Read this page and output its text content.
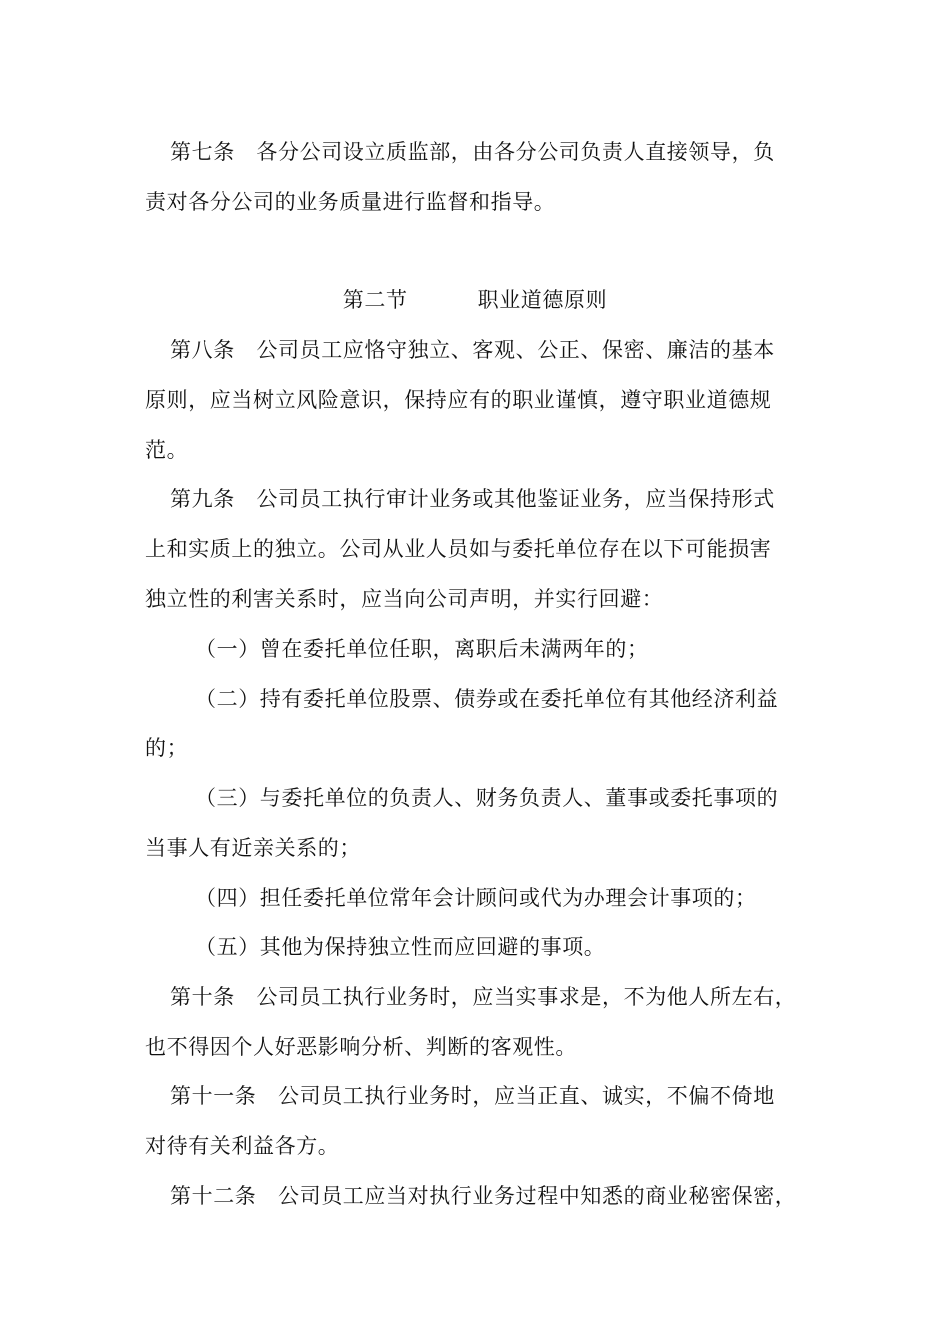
第七条　各分公司设立质监部，由各分公司负责人直接领导，负
责对各分公司的业务质量进行监督和指导。
第二节	职业道德原则
第八条　公司员工应恪守独立、客观、公正、保密、廉洁的基本
原则，应当树立风险意识，保持应有的职业谨慎，遵守职业道德规
范。
第九条　公司员工执行审计业务或其他鉴证业务，应当保持形式
上和实质上的独立。公司从业人员如与委托单位存在以下可能损害
独立性的利害关系时，应当向公司声明，并实行回避：
（一）曾在委托单位任职，离职后未满两年的；
（二）持有委托单位股票、债券或在委托单位有其他经济利益
的；
（三）与委托单位的负责人、财务负责人、董事或委托事项的
当事人有近亲关系的；
（四）担任委托单位常年会计顾问或代为办理会计事项的；
（五）其他为保持独立性而应回避的事项。
第十条　公司员工执行业务时，应当实事求是，不为他人所左右，
也不得因个人好恶影响分析、判断的客观性。
第十一条　公司员工执行业务时，应当正直、诚实，不偏不倚地
对待有关利益各方。
第十二条　公司员工应当对执行业务过程中知悉的商业秘密保密，
